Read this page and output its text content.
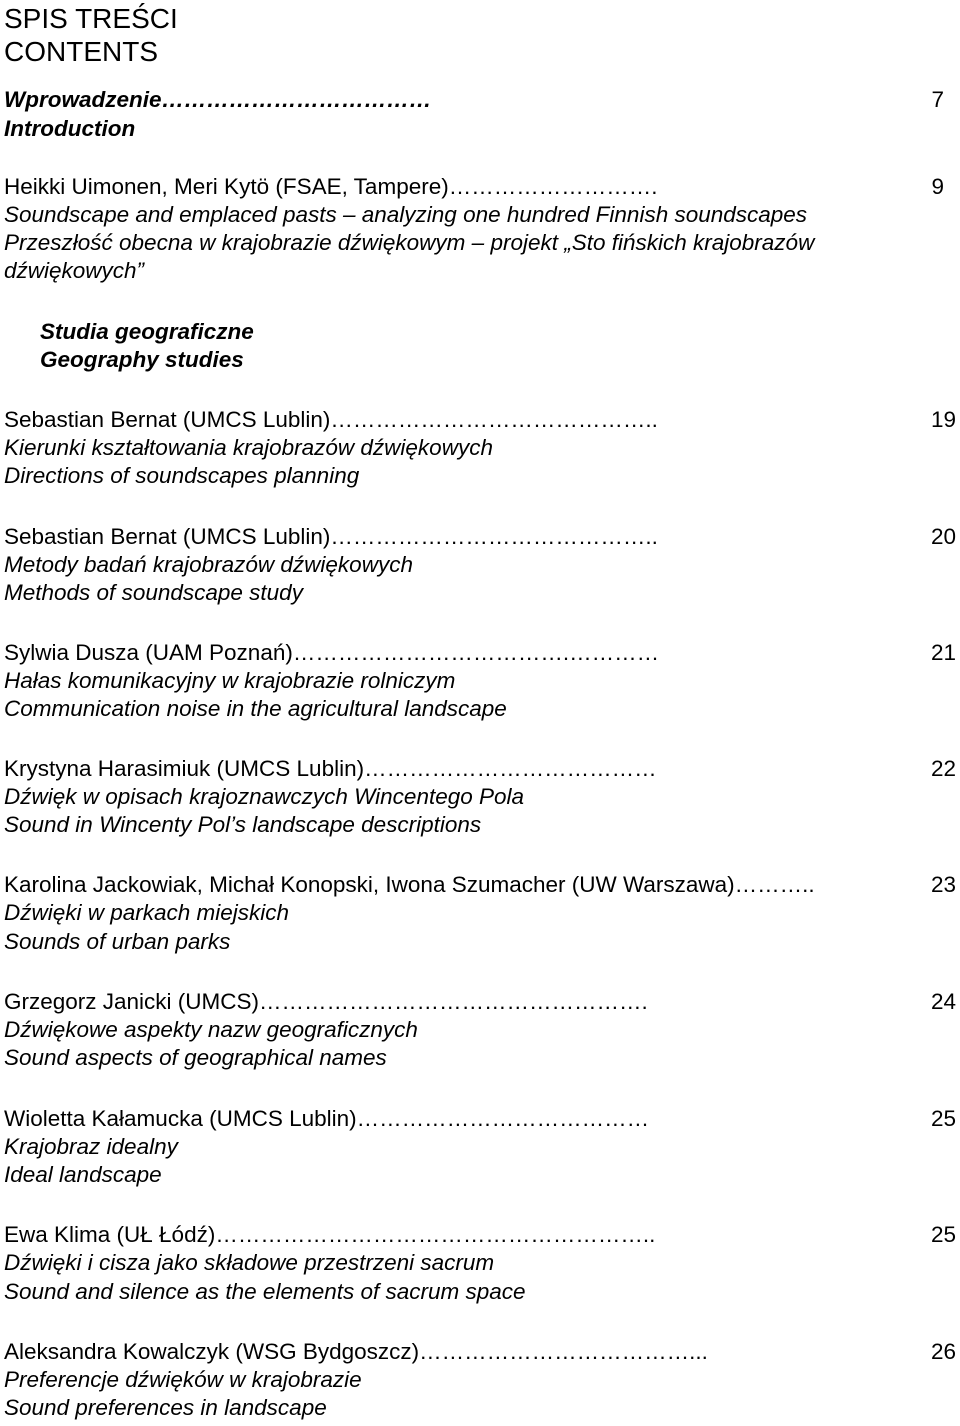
SPIS TREŚCI
CONTENTS
Wprowadzenie………………………………	7
Introduction
Heikki Uimonen, Meri Kytö (FSAE, Tampere)……………………….	9
Soundscape and emplaced pasts – analyzing one hundred Finnish soundscapes
Przeszłość obecna w krajobrazie dźwiękowym – projekt „Sto fińskich krajobrazów
dźwiękowych”
Studia geograficzne
Geography studies
Sebastian Bernat (UMCS Lublin)……………………………………..	19
Kierunki kształtowania krajobrazów dźwiękowych
Directions of soundscapes planning
Sebastian Bernat (UMCS Lublin)……………………………………..	20
Metody badań krajobrazów dźwiękowych
Methods of soundscape study
Sylwia Dusza (UAM Poznań)……………………………….…………	21
Hałas komunikacyjny w krajobrazie rolniczym
Communication noise in the agricultural landscape
Krystyna Harasimiuk (UMCS Lublin)…………………………………	22
Dźwięk w opisach krajoznawczych Wincentego Pola
Sound in Wincenty Pol’s landscape descriptions
Karolina Jackowiak, Michał Konopski, Iwona Szumacher (UW Warszawa)………..	23
Dźwięki w parkach miejskich
Sounds of urban parks
Grzegorz Janicki (UMCS)…………………………………………….	24
Dźwiękowe aspekty nazw geograficznych
Sound aspects of geographical names
Wioletta Kałamucka (UMCS Lublin)…………………………………	25
Krajobraz idealny
Ideal landscape
Ewa Klima (UŁ Łódź)…………………………………………………..	25
Dźwięki i cisza jako składowe przestrzeni sacrum
Sound and silence as the elements of sacrum space
Aleksandra Kowalczyk (WSG Bydgoszcz)………………………………...	26
Preferencje dźwięków w krajobrazie
Sound preferences in landscape
